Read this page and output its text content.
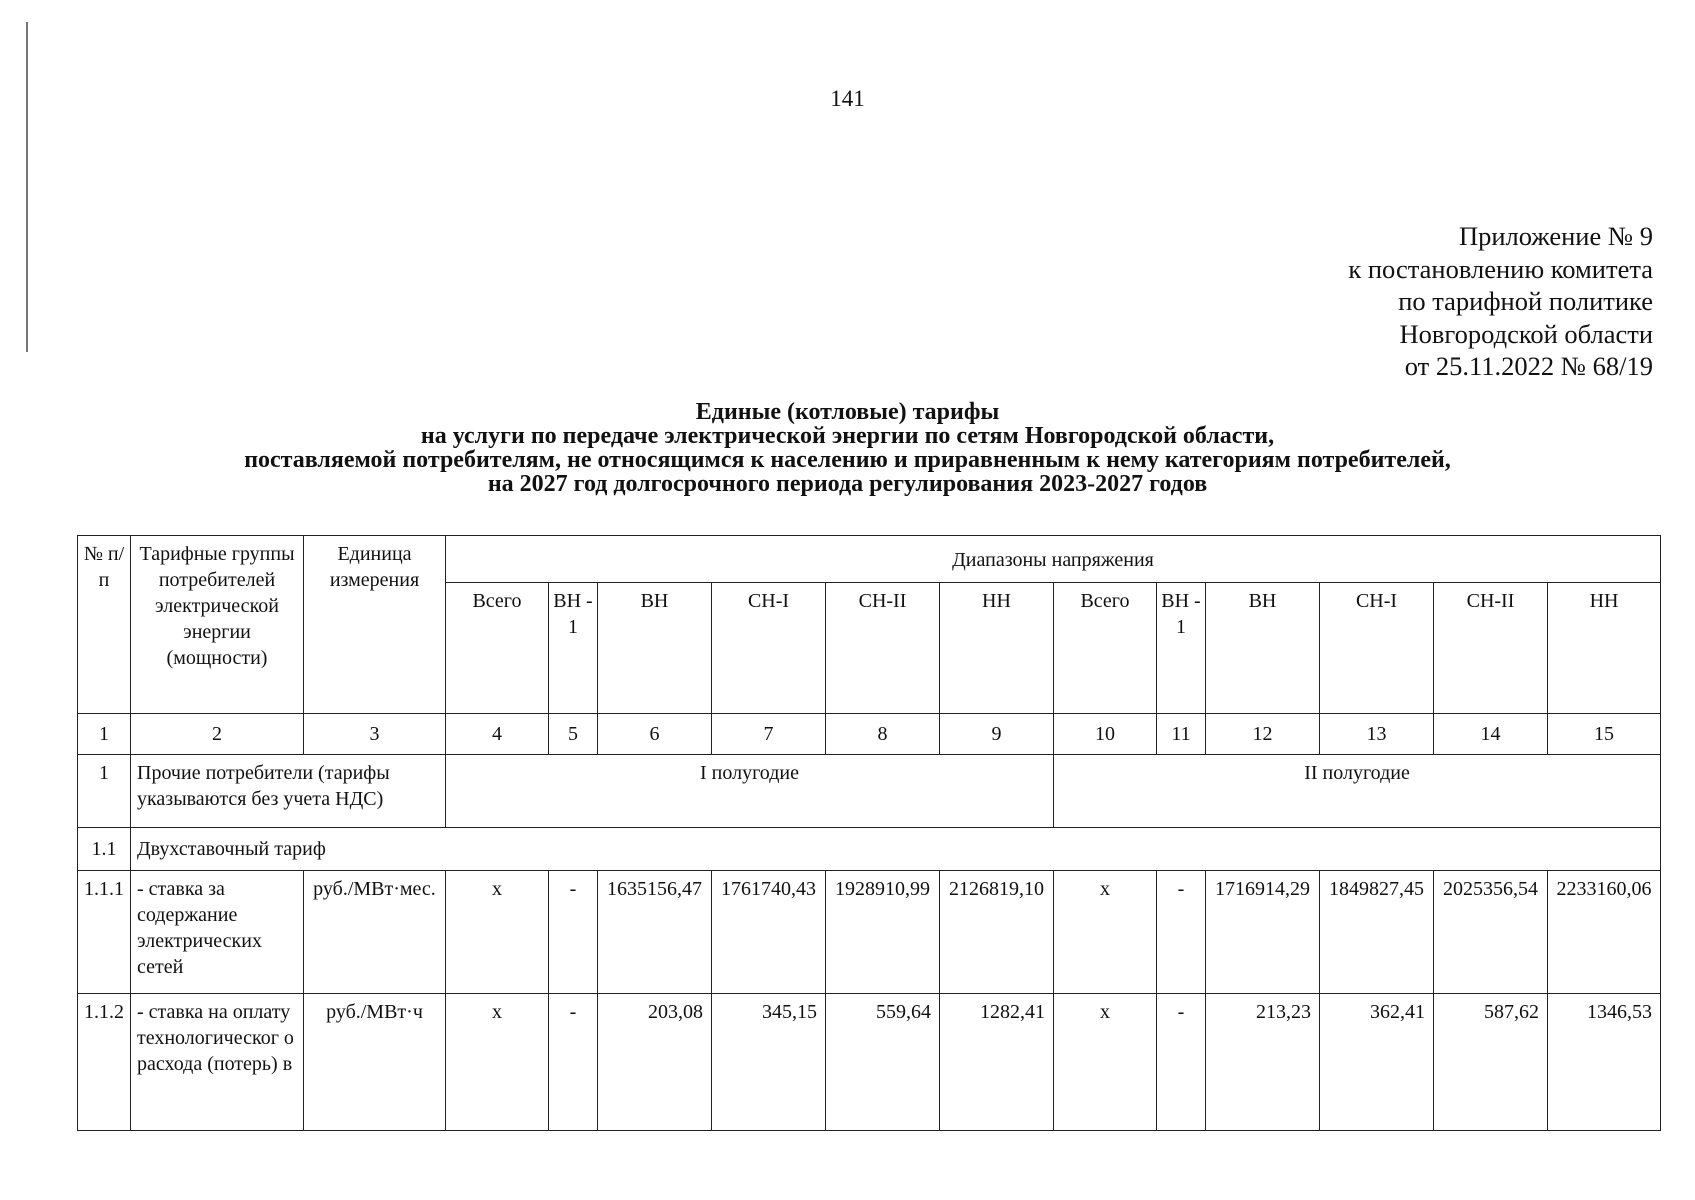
141
Приложение № 9
к постановлению комитета
по тарифной политике
Новгородской области
от 25.11.2022 № 68/19
Единые (котловые) тарифы
на услуги по передаче электрической энергии по сетям Новгородской области,
поставляемой потребителям, не относящимся к населению и приравненным к нему категориям потребителей,
на 2027 год долгосрочного периода регулирования 2023-2027 годов
№ п/п	Тарифные группы потребителей электрической энергии (мощности)	Единица измерения	Диапазоны напряжения											
			Всего	ВН -1	ВН	СН-I	СН-II	НН	Всего	ВН -1	ВН	СН-I	СН-II	НН
1	2	3	4	5	6	7	8	9	10	11	12	13	14	15
1	Прочие потребители (тарифы указываются без учета НДС)		I полугодие						II полугодие					
1.1	Двухставочный тариф													
1.1.1	- ставка за содержание электрических сетей	руб./МВт·мес.	х	-	1635156,47	1761740,43	1928910,99	2126819,10	х	-	1716914,29	1849827,45	2025356,54	2233160,06
1.1.2	- ставка на оплату технологическог о расхода (потерь) в	руб./МВт·ч	х	-	203,08	345,15	559,64	1282,41	х	-	213,23	362,41	587,62	1346,53
